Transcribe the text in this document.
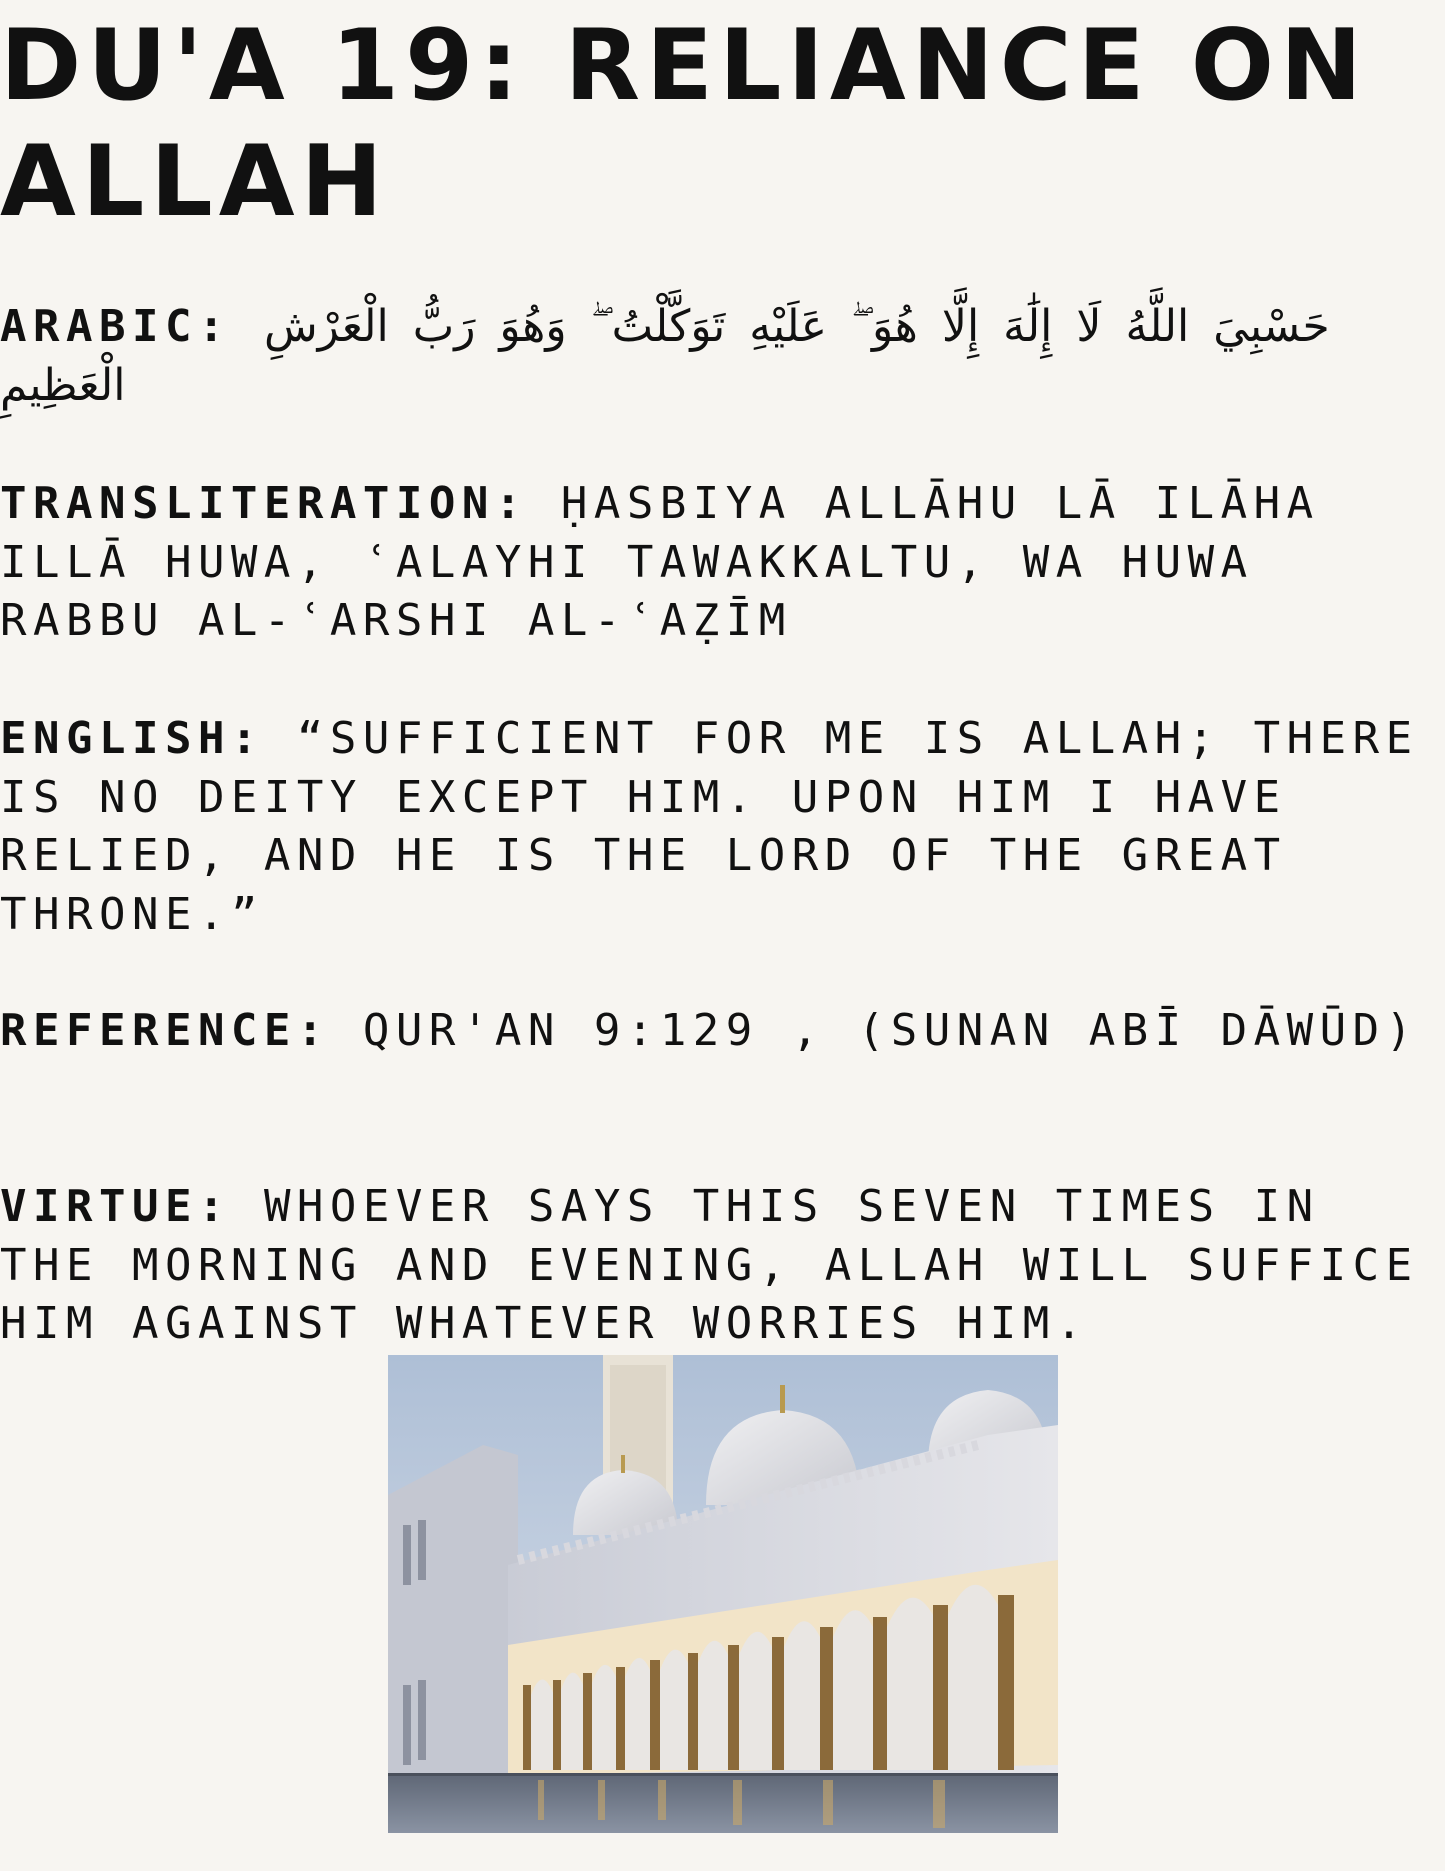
DU'A 19: RELIANCE ON ALLAH

ARABIC: حَسْبِيَ اللَّهُ لَا إِلَٰهَ إِلَّا هُوَ ۖ عَلَيْهِ تَوَكَّلْتُ ۖ وَهُوَ رَبُّ الْعَرْشِ الْعَظِيمِ

TRANSLITERATION: ḤASBIYA ALLĀHU LĀ ILĀHA ILLĀ HUWA, ʿALAYHI TAWAKKALTU, WA HUWA RABBU AL-ʿARSHI AL-ʿAẒĪM

ENGLISH: “SUFFICIENT FOR ME IS ALLAH; THERE IS NO DEITY EXCEPT HIM. UPON HIM I HAVE RELIED, AND HE IS THE LORD OF THE GREAT THRONE.”

REFERENCE: QUR'AN 9:129 , (SUNAN ABĪ DĀWŪD)

VIRTUE: WHOEVER SAYS THIS SEVEN TIMES IN THE MORNING AND EVENING, ALLAH WILL SUFFICE HIM AGAINST WHATEVER WORRIES HIM.
